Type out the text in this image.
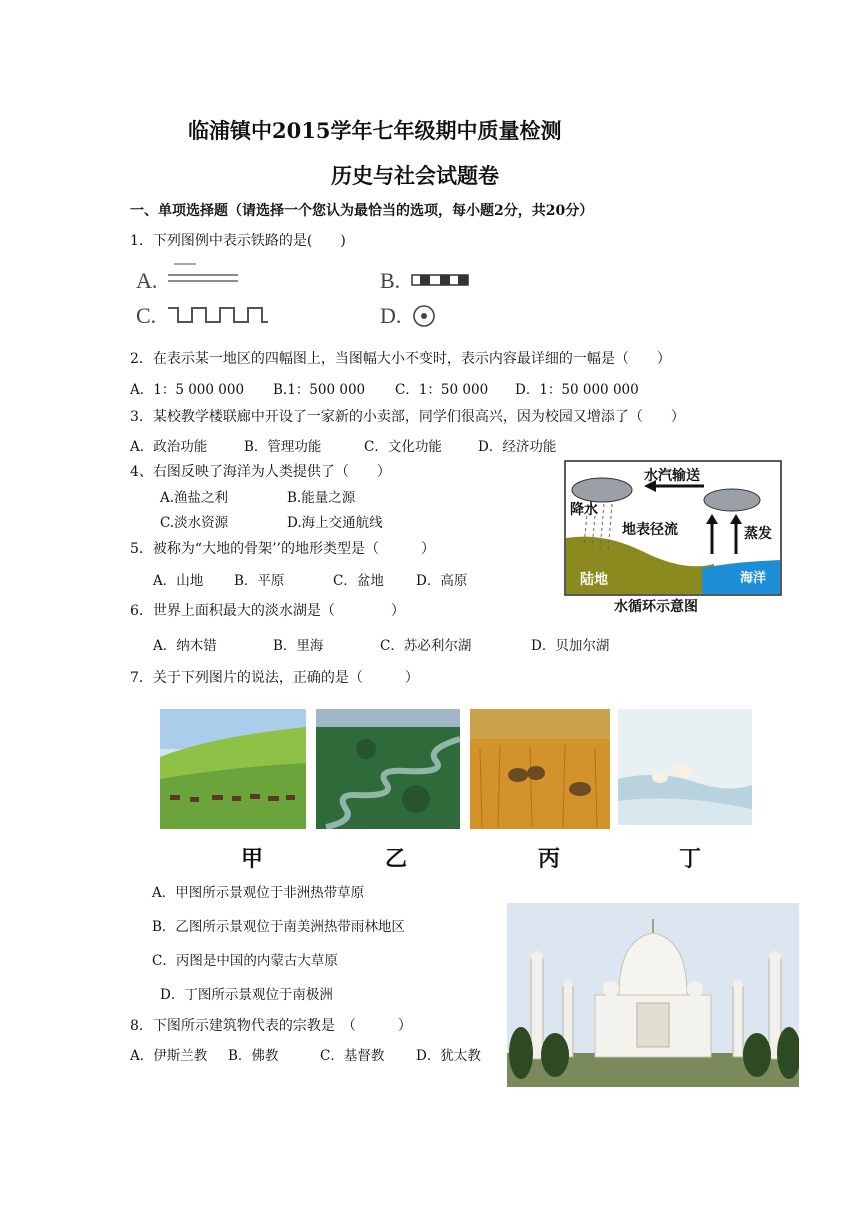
临浦镇中2015学年七年级期中质量检测
历史与社会试题卷
一、单项选择题（请选择一个您认为最恰当的选项，每小题2分，共20分）
1．下列图例中表示铁路的是(　　)
A.	B.
C.	D.
2．在表示某一地区的四幅图上，当图幅大小不变时，表示内容最详细的一幅是（　　）
A．1：5 000 000 B.1：500 000 C．1：50 000 D．1：50 000 000
3．某校教学楼联廊中开设了一家新的小卖部，同学们很高兴，因为校园又增添了（　　）
A．政治功能	B．管理功能	C．文化功能	D．经济功能
4、右图反映了海洋为人类提供了（　　）
A.渔盐之利	B.能量之源
C.淡水资源	D.海上交通航线
水汽输送
降水
地表径流	蒸发
陆地	海洋
水循环示意图
5．被称为“大地的骨架’’的地形类型是（　　　）
A．山地 B．平原	C．盆地 D．高原
6．世界上面积最大的淡水湖是（　　　　）
A．纳木错	B．里海	C．苏必利尔湖	D．贝加尔湖
7．关于下列图片的说法，正确的是（　　　）
甲	乙	丙	丁
A．甲图所示景观位于非洲热带草原
B．乙图所示景观位于南美洲热带雨林地区
C．丙图是中国的内蒙古大草原
D．丁图所示景观位于南极洲
8．下图所示建筑物代表的宗教是　（　　　）
A．伊斯兰教 B．佛教	C．基督教 D．犹太教
